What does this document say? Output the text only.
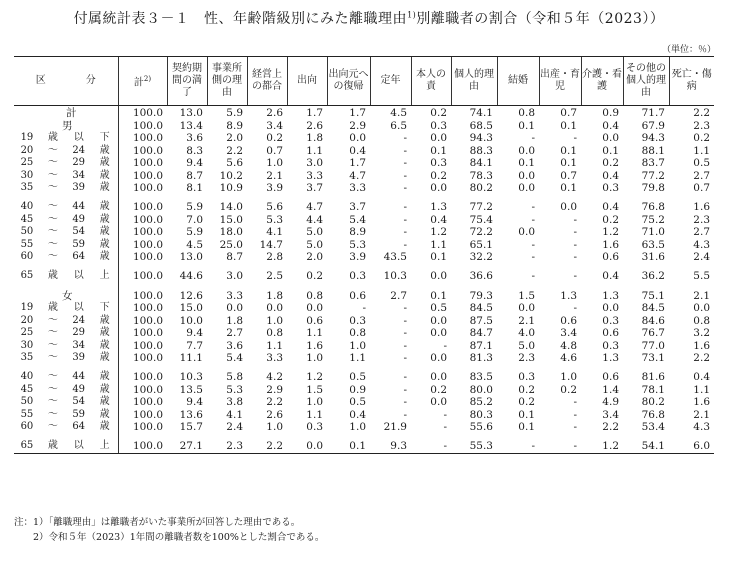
付属統計表３－１　性、年齢階級別にみた離職理由$^{1)}$別離職者の割合（令和５年（2023））
（単位：％）
区 分	計$^{2)}$	契約期間の満了	事業所側の理由	経営上の都合	出向	出向元への復帰	定年	本人の責	個人的理由	結婚	出産・育児	介護・看護	その他の個人的理由	死亡・傷病

計	100.0	13.0	5.9	2.6	1.7	1.7	4.5	0.2	74.1	0.8	0.7	0.9	71.7	2.2

男	100.0	13.4	8.9	3.4	2.6	2.9	6.5	0.3	68.5	0.1	0.1	0.4	67.9	2.3

19 歳 以 下	100.0	3.6	2.0	0.2	1.8	0.0	-	0.0	94.3	-	-	0.0	94.3	0.2

20 ～ 24 歳	100.0	8.3	2.2	0.7	1.1	0.4	-	0.1	88.3	0.0	0.1	0.1	88.1	1.1

25 ～ 29 歳	100.0	9.4	5.6	1.0	3.0	1.7	-	0.3	84.1	0.1	0.1	0.2	83.7	0.5

30 ～ 34 歳	100.0	8.7	10.2	2.1	3.3	4.7	-	0.2	78.3	0.0	0.7	0.4	77.2	2.7

35 ～ 39 歳	100.0	8.1	10.9	3.9	3.7	3.3	-	0.0	80.2	0.0	0.1	0.3	79.8	0.7

40 ～ 44 歳	100.0	5.9	14.0	5.6	4.7	3.7	-	1.3	77.2	-	0.0	0.4	76.8	1.6

45 ～ 49 歳	100.0	7.0	15.0	5.3	4.4	5.4	-	0.4	75.4	-	-	0.2	75.2	2.3

50 ～ 54 歳	100.0	5.9	18.0	4.1	5.0	8.9	-	1.2	72.2	0.0	-	1.2	71.0	2.7

55 ～ 59 歳	100.0	4.5	25.0	14.7	5.0	5.3	-	1.1	65.1	-	-	1.6	63.5	4.3

60 ～ 64 歳	100.0	13.0	8.7	2.8	2.0	3.9	43.5	0.1	32.2	-	-	0.6	31.6	2.4

65 歳 以 上	100.0	44.6	3.0	2.5	0.2	0.3	10.3	0.0	36.6	-	-	0.4	36.2	5.5

女	100.0	12.6	3.3	1.8	0.8	0.6	2.7	0.1	79.3	1.5	1.3	1.3	75.1	2.1

19 歳 以 下	100.0	15.0	0.0	0.0	0.0	-	-	0.5	84.5	0.0	-	0.0	84.5	0.0

20 ～ 24 歳	100.0	10.0	1.8	1.0	0.6	0.3	-	0.0	87.5	2.1	0.6	0.3	84.6	0.8

25 ～ 29 歳	100.0	9.4	2.7	0.8	1.1	0.8	-	0.0	84.7	4.0	3.4	0.6	76.7	3.2

30 ～ 34 歳	100.0	7.7	3.6	1.1	1.6	1.0	-	-	87.1	5.0	4.8	0.3	77.0	1.6

35 ～ 39 歳	100.0	11.1	5.4	3.3	1.0	1.1	-	0.0	81.3	2.3	4.6	1.3	73.1	2.2

40 ～ 44 歳	100.0	10.3	5.8	4.2	1.2	0.5	-	0.0	83.5	0.3	1.0	0.6	81.6	0.4

45 ～ 49 歳	100.0	13.5	5.3	2.9	1.5	0.9	-	0.2	80.0	0.2	0.2	1.4	78.1	1.1

50 ～ 54 歳	100.0	9.4	3.8	2.2	1.0	0.5	-	0.0	85.2	0.2	-	4.9	80.2	1.6

55 ～ 59 歳	100.0	13.6	4.1	2.6	1.1	0.4	-	-	80.3	0.1	-	3.4	76.8	2.1

60 ～ 64 歳	100.0	15.7	2.4	1.0	0.3	1.0	21.9	-	55.6	0.1	-	2.2	53.4	4.3

65 歳 以 上	100.0	27.1	2.3	2.2	0.0	0.1	9.3	-	55.3	-	-	1.2	54.1	6.0
注：1）「離職理由」は離職者がいた事業所が回答した理由である。
　　2）令和５年（2023）1年間の離職者数を100%とした割合である。
